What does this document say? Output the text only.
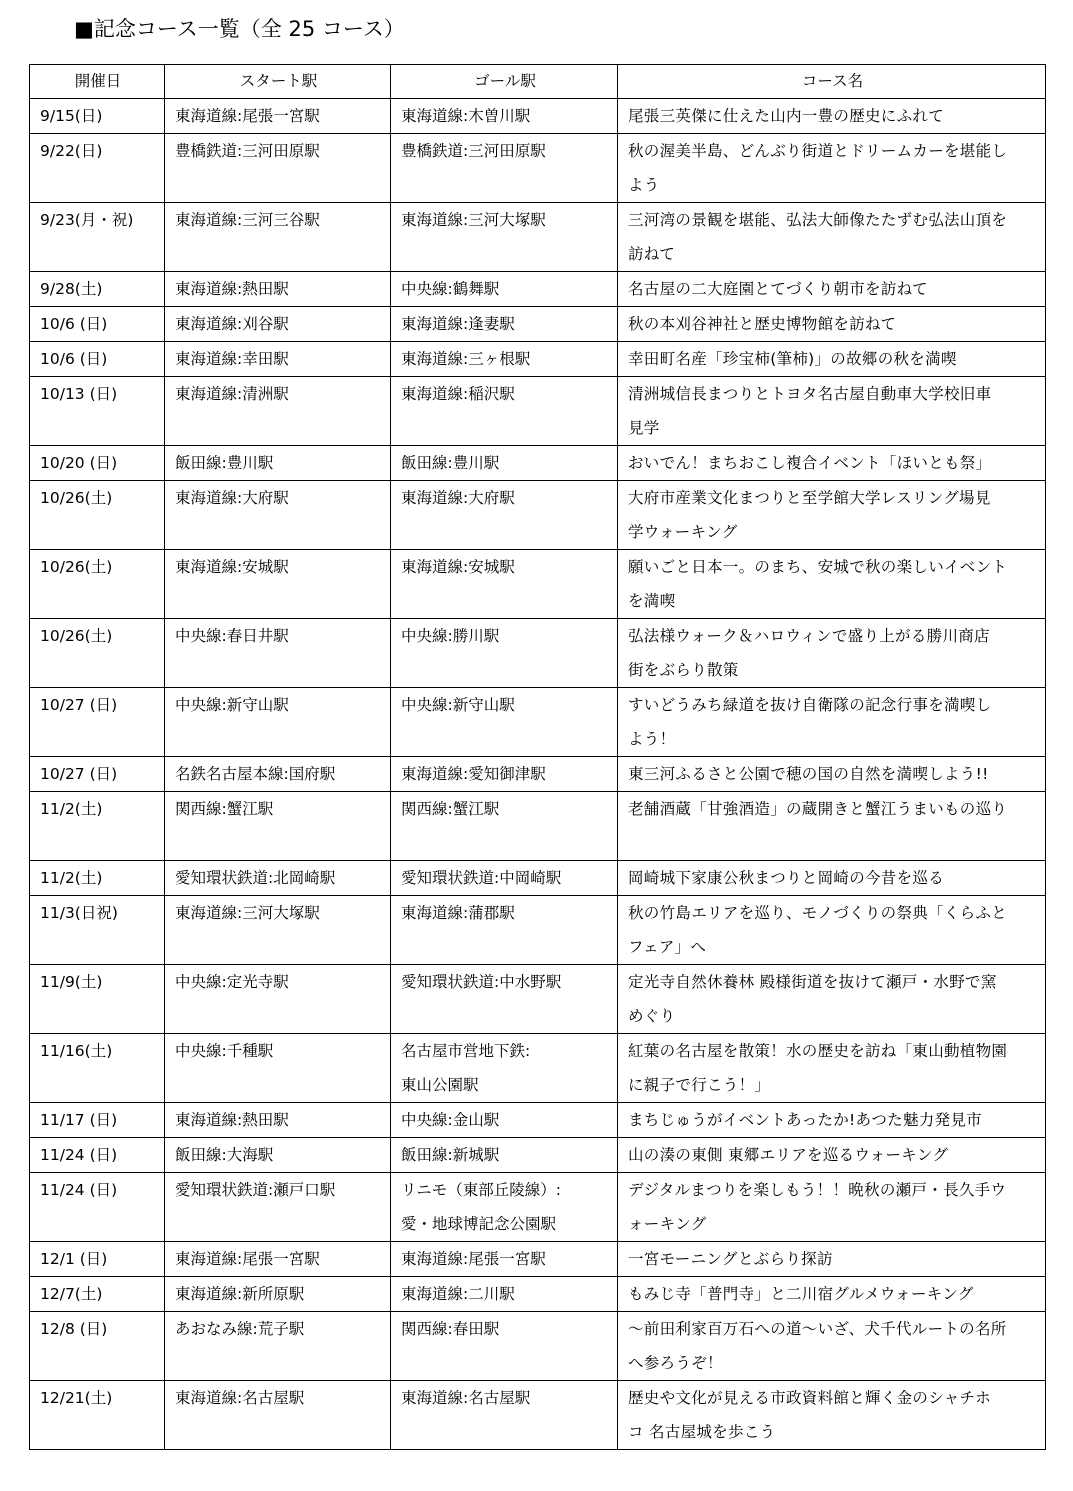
■記念コース一覧（全 25 コース）
開催日	スタート駅	ゴール駅	コース名
9/15(日)	東海道線:尾張一宮駅	東海道線:木曽川駅	尾張三英傑に仕えた山内一豊の歴史にふれて

9/22(日)	豊橋鉄道:三河田原駅	豊橋鉄道:三河田原駅	秋の渥美半島、どんぶり街道とドリームカーを堪能し
よう

9/23(月・祝)	東海道線:三河三谷駅	東海道線:三河大塚駅	三河湾の景観を堪能、弘法大師像たたずむ弘法山頂を
訪ねて

9/28(土)	東海道線:熱田駅	中央線:鶴舞駅	名古屋の二大庭園とてづくり朝市を訪ねて

10/6 (日)	東海道線:刈谷駅	東海道線:逢妻駅	秋の本刈谷神社と歴史博物館を訪ねて

10/6 (日)	東海道線:幸田駅	東海道線:三ヶ根駅	幸田町名産「珍宝柿(筆柿)」の故郷の秋を満喫

10/13 (日)	東海道線:清洲駅	東海道線:稲沢駅	清洲城信長まつりとトヨタ名古屋自動車大学校旧車
見学

10/20 (日)	飯田線:豊川駅	飯田線:豊川駅	おいでん！まちおこし複合イベント「ほいとも祭」

10/26(土)	東海道線:大府駅	東海道線:大府駅	大府市産業文化まつりと至学館大学レスリング場見
学ウォーキング

10/26(土)	東海道線:安城駅	東海道線:安城駅	願いごと日本一。のまち、安城で秋の楽しいイベント
を満喫

10/26(土)	中央線:春日井駅	中央線:勝川駅	弘法様ウォーク＆ハロウィンで盛り上がる勝川商店
街をぶらり散策

10/27 (日)	中央線:新守山駅	中央線:新守山駅	すいどうみち緑道を抜け自衛隊の記念行事を満喫し
よう！

10/27 (日)	名鉄名古屋本線:国府駅	東海道線:愛知御津駅	東三河ふるさと公園で穂の国の自然を満喫しよう!!

11/2(土)	関西線:蟹江駅	関西線:蟹江駅	老舗酒蔵「甘強酒造」の蔵開きと蟹江うまいもの巡り

11/2(土)	愛知環状鉄道:北岡崎駅	愛知環状鉄道:中岡崎駅	岡崎城下家康公秋まつりと岡崎の今昔を巡る

11/3(日祝)	東海道線:三河大塚駅	東海道線:蒲郡駅	秋の竹島エリアを巡り、モノづくりの祭典「くらふと
フェア」へ

11/9(土)	中央線:定光寺駅	愛知環状鉄道:中水野駅	定光寺自然休養林 殿様街道を抜けて瀬戸・水野で窯
めぐり

11/16(土)	中央線:千種駅	名古屋市営地下鉄:
東山公園駅	紅葉の名古屋を散策！水の歴史を訪ね「東山動植物園
に親子で行こう！」

11/17 (日)	東海道線:熱田駅	中央線:金山駅	まちじゅうがイベントあったか!あつた魅力発見市

11/24 (日)	飯田線:大海駅	飯田線:新城駅	山の湊の東側 東郷エリアを巡るウォーキング

11/24 (日)	愛知環状鉄道:瀬戸口駅	リニモ（東部丘陵線）:
愛・地球博記念公園駅	デジタルまつりを楽しもう！！晩秋の瀬戸・長久手ウ
ォーキング

12/1 (日)	東海道線:尾張一宮駅	東海道線:尾張一宮駅	一宮モーニングとぶらり探訪

12/7(土)	東海道線:新所原駅	東海道線:二川駅	もみじ寺「普門寺」と二川宿グルメウォーキング

12/8 (日)	あおなみ線:荒子駅	関西線:春田駅	～前田利家百万石への道～いざ、犬千代ルートの名所
へ参ろうぞ！

12/21(土)	東海道線:名古屋駅	東海道線:名古屋駅	歴史や文化が見える市政資料館と輝く金のシャチホ
コ 名古屋城を歩こう
